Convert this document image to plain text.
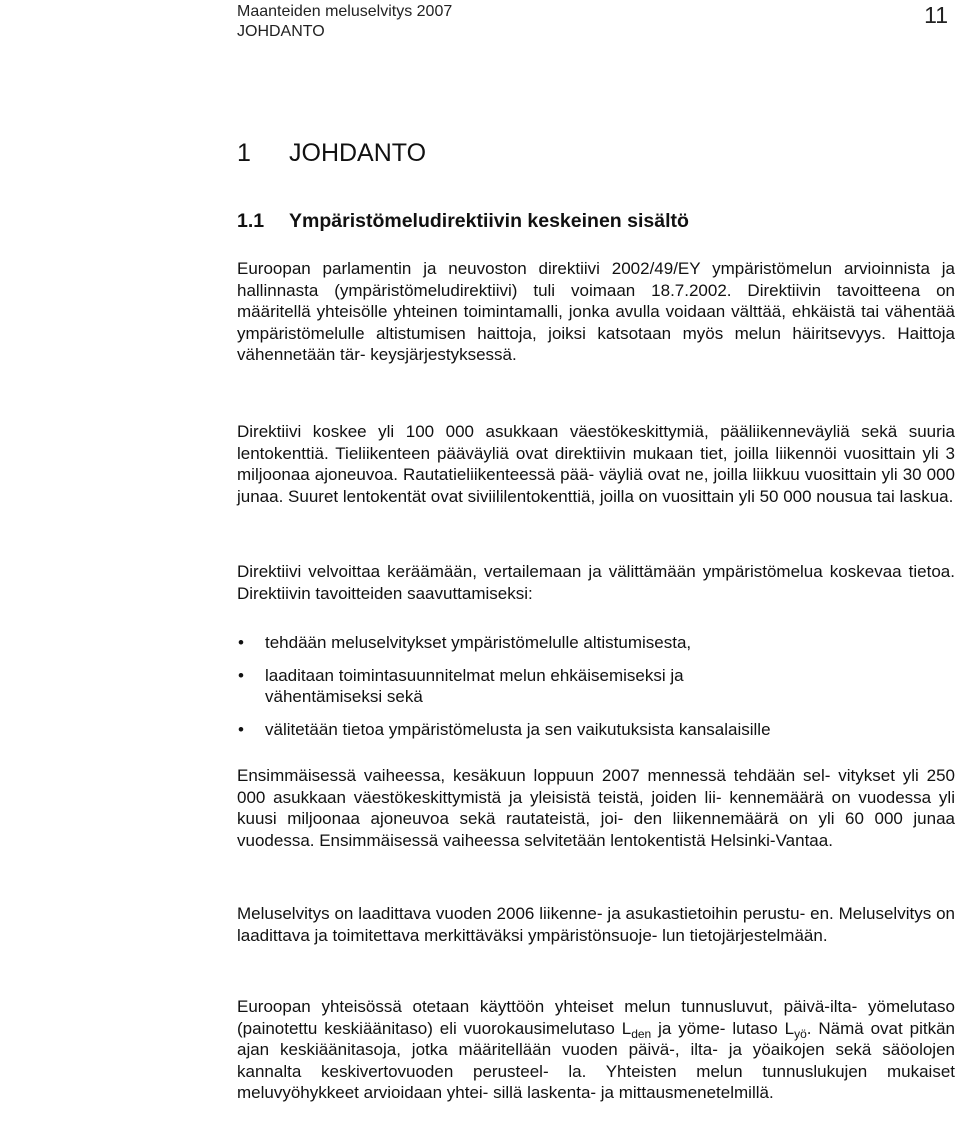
Maanteiden meluselvitys 2007
JOHDANTO
11
1 JOHDANTO
1.1 Ympäristömeludirektiivin keskeinen sisältö

Euroopan parlamentin ja neuvoston direktiivi 2002/49/EY ympäristömelun arvioinnista ja hallinnasta (ympäristömeludirektiivi) tuli voimaan 18.7.2002. Direktiivin tavoitteena on määritellä yhteisölle yhteinen toimintamalli, jonka avulla voidaan välttää, ehkäistä tai vähentää ympäristömelulle altistumisen haittoja, joiksi katsotaan myös melun häiritsevyys. Haittoja vähennetään tär- keysjärjestyksessä.

Direktiivi koskee yli 100 000 asukkaan väestökeskittymiä, pääliikenneväyliä sekä suuria lentokenttiä. Tieliikenteen pääväyliä ovat direktiivin mukaan tiet, joilla liikennöi vuosittain yli 3 miljoonaa ajoneuvoa. Rautatieliikenteessä pää- väyliä ovat ne, joilla liikkuu vuosittain yli 30 000 junaa. Suuret lentokentät ovat siviililentokenttiä, joilla on vuosittain yli 50 000 nousua tai laskua.

Direktiivi velvoittaa keräämään, vertailemaan ja välittämään ympäristömelua koskevaa tietoa. Direktiivin tavoitteiden saavuttamiseksi:

• tehdään meluselvitykset ympäristömelulle altistumisesta,
• laaditaan toimintasuunnitelmat melun ehkäisemiseksi ja vähentämiseksi sekä
• välitetään tietoa ympäristömelusta ja sen vaikutuksista kansalaisille

Ensimmäisessä vaiheessa, kesäkuun loppuun 2007 mennessä tehdään sel- vitykset yli 250 000 asukkaan väestökeskittymistä ja yleisistä teistä, joiden lii- kennemäärä on vuodessa yli kuusi miljoonaa ajoneuvoa sekä rautateistä, joi- den liikennemäärä on yli 60 000 junaa vuodessa. Ensimmäisessä vaiheessa selvitetään lentokentistä Helsinki-Vantaa.

Meluselvitys on laadittava vuoden 2006 liikenne- ja asukastietoihin perustu- en. Meluselvitys on laadittava ja toimitettava merkittäväksi ympäristönsuoje- lun tietojärjestelmään.

Euroopan yhteisössä otetaan käyttöön yhteiset melun tunnusluvut, päivä-ilta- yömelutaso (painotettu keskiäänitaso) eli vuorokausimelutaso $L_{den}$ ja yöme- lutaso $L_{yö}$. Nämä ovat pitkän ajan keskiäänitasoja, jotka määritellään vuoden päivä-, ilta- ja yöaikojen sekä säöolojen kannalta keskivertovuoden perusteel- la. Yhteisten melun tunnuslukujen mukaiset meluvyöhykkeet arvioidaan yhtei- sillä laskenta- ja mittausmenetelmillä.
